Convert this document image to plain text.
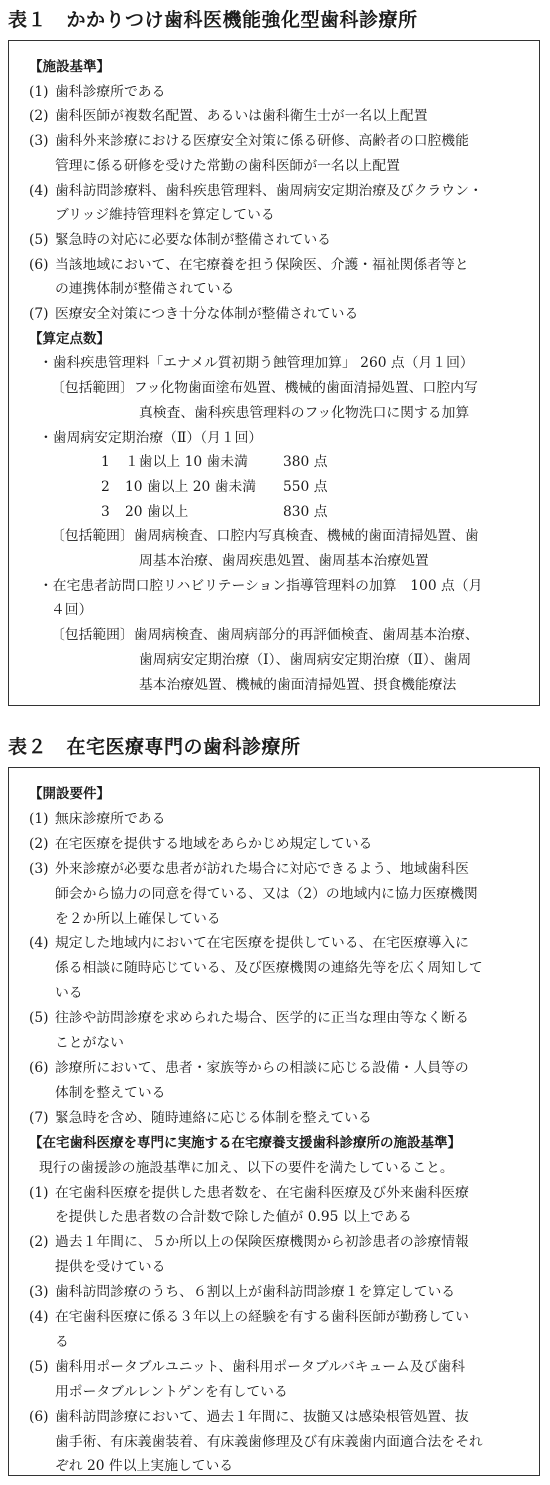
表１　かかりつけ歯科医機能強化型歯科診療所
【施設基準】
(1) 歯科診療所である
(2) 歯科医師が複数名配置、あるいは歯科衛生士が一名以上配置
(3) 歯科外来診療における医療安全対策に係る研修、高齢者の口腔機能
管理に係る研修を受けた常勤の歯科医師が一名以上配置
(4) 歯科訪問診療料、歯科疾患管理料、歯周病安定期治療及びクラウン・
ブリッジ維持管理料を算定している
(5) 緊急時の対応に必要な体制が整備されている
(6) 当該地域において、在宅療養を担う保険医、介護・福祉関係者等と
の連携体制が整備されている
(7) 医療安全対策につき十分な体制が整備されている
【算定点数】
・歯科疾患管理料「エナメル質初期う蝕管理加算」 260 点（月１回）
〔包括範囲〕フッ化物歯面塗布処置、機械的歯面清掃処置、口腔内写
真検査、歯科疾患管理料のフッ化物洗口に関する加算
・歯周病安定期治療（Ⅱ）（月１回）
1 １歯以上 10 歯未満	380 点
2 10 歯以上 20 歯未満 550 点
3 20 歯以上	830 点
〔包括範囲〕歯周病検査、口腔内写真検査、機械的歯面清掃処置、歯
周基本治療、歯周疾患処置、歯周基本治療処置
・在宅患者訪問口腔リハビリテーション指導管理料の加算　100 点（月
４回）
〔包括範囲〕歯周病検査、歯周病部分的再評価検査、歯周基本治療、
歯周病安定期治療（Ⅰ）、歯周病安定期治療（Ⅱ）、歯周
基本治療処置、機械的歯面清掃処置、摂食機能療法
表２　在宅医療専門の歯科診療所
【開設要件】
(1) 無床診療所である
(2) 在宅医療を提供する地域をあらかじめ規定している
(3) 外来診療が必要な患者が訪れた場合に対応できるよう、地域歯科医
師会から協力の同意を得ている、又は（2）の地域内に協力医療機関
を２か所以上確保している
(4) 規定した地域内において在宅医療を提供している、在宅医療導入に
係る相談に随時応じている、及び医療機関の連絡先等を広く周知して
いる
(5) 往診や訪問診療を求められた場合、医学的に正当な理由等なく断る
ことがない
(6) 診療所において、患者・家族等からの相談に応じる設備・人員等の
体制を整えている
(7) 緊急時を含め、随時連絡に応じる体制を整えている
【在宅歯科医療を専門に実施する在宅療養支援歯科診療所の施設基準】
現行の歯援診の施設基準に加え、以下の要件を満たしていること。
(1) 在宅歯科医療を提供した患者数を、在宅歯科医療及び外来歯科医療
を提供した患者数の合計数で除した値が 0.95 以上である
(2) 過去１年間に、５か所以上の保険医療機関から初診患者の診療情報
提供を受けている
(3) 歯科訪問診療のうち、６割以上が歯科訪問診療１を算定している
(4) 在宅歯科医療に係る３年以上の経験を有する歯科医師が勤務してい
る
(5) 歯科用ポータブルユニット、歯科用ポータブルバキューム及び歯科
用ポータブルレントゲンを有している
(6) 歯科訪問診療において、過去１年間に、抜髄又は感染根管処置、抜
歯手術、有床義歯装着、有床義歯修理及び有床義歯内面適合法をそれ
ぞれ 20 件以上実施している
